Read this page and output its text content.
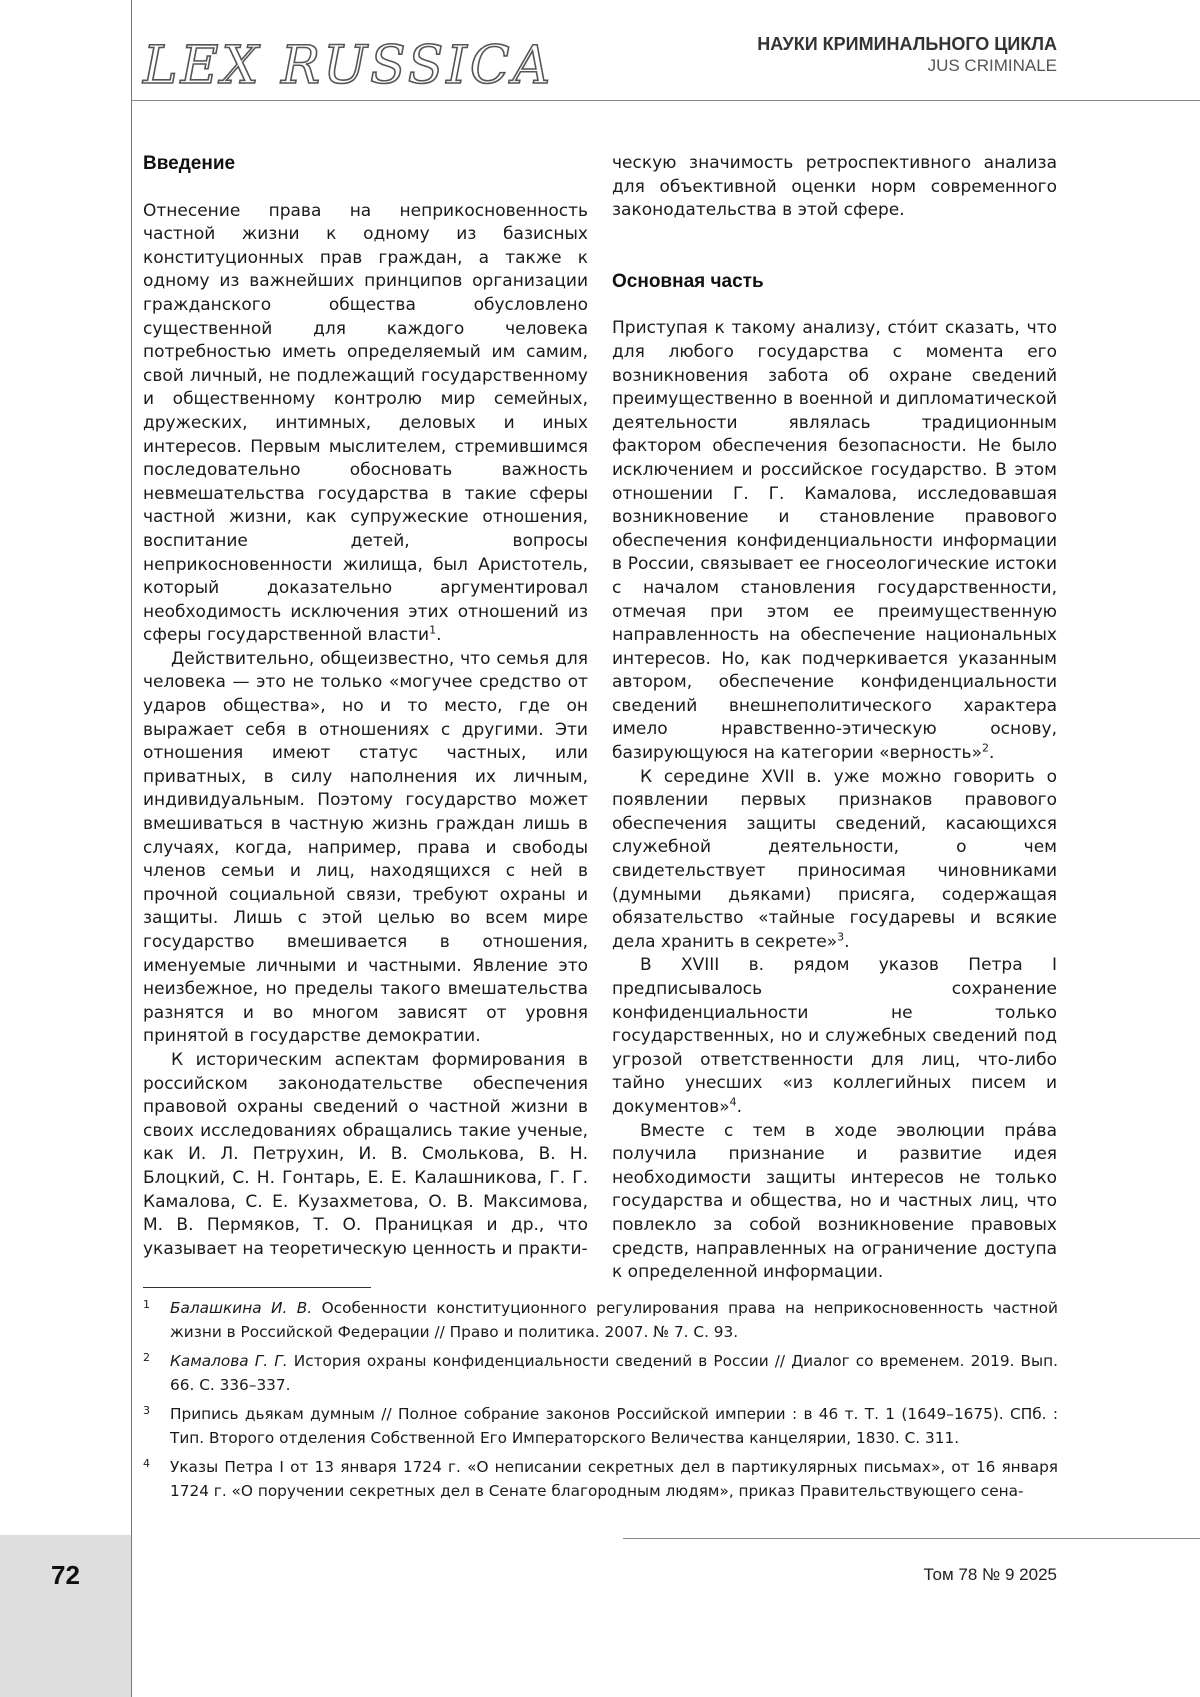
72
LEX RUSSICA	НАУКИ КРИМИНАЛЬНОГО ЦИКЛА
JUS CRIMINALE
Введение

Отнесение права на неприкосновенность частной жизни к одному из базисных конституционных прав граждан, а также к одному из важнейших принципов организации гражданского общества обусловлено существенной для каждого человека потребностью иметь определяемый им самим, свой личный, не подлежащий государственному и общественному контролю мир семейных, дружеских, интимных, деловых и иных интересов. Первым мыслителем, стремившимся последовательно обосновать важность невмешательства государства в такие сферы частной жизни, как супружеские отношения, воспитание детей, вопросы неприкосновенности жилища, был Аристотель, который доказательно аргументировал необходимость исключения этих отношений из сферы государственной власти$^1$.

Действительно, общеизвестно, что семья для человека — это не только «могучее средство от ударов общества», но и то место, где он выражает себя в отношениях с другими. Эти отношения имеют статус частных, или приватных, в силу наполнения их личным, индивидуальным. Поэтому государство может вмешиваться в частную жизнь граждан лишь в случаях, когда, например, права и свободы членов семьи и лиц, находящихся с ней в прочной социальной связи, требуют охраны и защиты. Лишь с этой целью во всем мире государство вмешивается в отношения, именуемые личными и частными. Явление это неизбежное, но пределы такого вмешательства разнятся и во многом зависят от уровня принятой в государстве демократии.

К историческим аспектам формирования в российском законодательстве обеспечения правовой охраны сведений о частной жизни в своих исследованиях обращались такие ученые, как И. Л. Петрухин, И. В. Смолькова, В. Н. Блоцкий, С. Н. Гонтарь, Е. Е. Калашникова, Г. Г. Камалова, С. Е. Кузахметова, О. В. Максимова, М. В. Пермяков, Т. О. Праницкая и др., что указывает на теоретическую ценность и практи-

ческую значимость ретроспективного анализа для объективной оценки норм современного законодательства в этой сфере.

Основная часть

Приступая к такому анализу, сто́ит сказать, что для любого государства с момента его возникновения забота об охране сведений преимущественно в военной и дипломатической деятельности являлась традиционным фактором обеспечения безопасности. Не было исключением и российское государство. В этом отношении Г. Г. Камалова, исследовавшая возникновение и становление правового обеспечения конфиденциальности информации в России, связывает ее гносеологические истоки с началом становления государственности, отмечая при этом ее преимущественную направленность на обеспечение национальных интересов. Но, как подчеркивается указанным автором, обеспечение конфиденциальности сведений внешнеполитического характера имело нравственно-этическую основу, базирующуюся на категории «верность»$^2$.

К середине XVII в. уже можно говорить о появлении первых признаков правового обеспечения защиты сведений, касающихся служебной деятельности, о чем свидетельствует приносимая чиновниками (думными дьяками) присяга, содержащая обязательство «тайные государевы и всякие дела хранить в секрете»$^3$.

В XVIII в. рядом указов Петра I предписывалось сохранение конфиденциальности не только государственных, но и служебных сведений под угрозой ответственности для лиц, что-либо тайно унесших «из коллегийных писем и документов»$^4$.

Вместе с тем в ходе эволюции пра́ва получила признание и развитие идея необходимости защиты интересов не только государства и общества, но и частных лиц, что повлекло за собой возникновение правовых средств, направленных на ограничение доступа к определенной информации.

1 Балашкина И. В. Особенности конституционного регулирования права на неприкосновенность частной жизни в Российской Федерации // Право и политика. 2007. № 7. С. 93.
2 Камалова Г. Г. История охраны конфиденциальности сведений в России // Диалог со временем. 2019. Вып. 66. С. 336–337.
3 Припись дьякам думным // Полное собрание законов Российской империи : в 46 т. Т. 1 (1649–1675). СПб. : Тип. Второго отделения Собственной Его Императорского Величества канцелярии, 1830. С. 311.
4 Указы Петра I от 13 января 1724 г. «О неписании секретных дел в партикулярных письмах», от 16 января 1724 г. «О поручении секретных дел в Сенате благородным людям», приказ Правительствующего сена-
Том 78 № 9 2025
